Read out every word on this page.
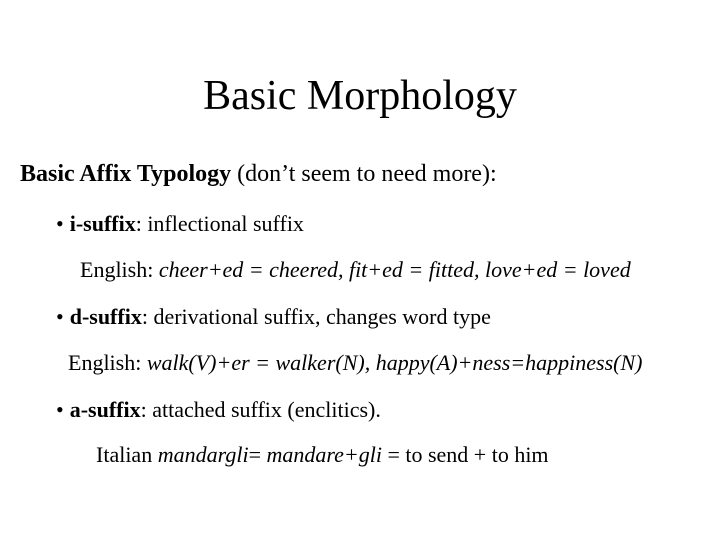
Basic Morphology
Basic Affix Typology (don’t seem to need more):
• i-suffix: inflectional suffix
English: cheer+ed = cheered, fit+ed = fitted, love+ed = loved
• d-suffix: derivational suffix, changes word type
English: walk(V)+er = walker(N), happy(A)+ness=happiness(N)
• a-suffix: attached suffix (enclitics).
Italian mandargli= mandare+gli = to send + to him
